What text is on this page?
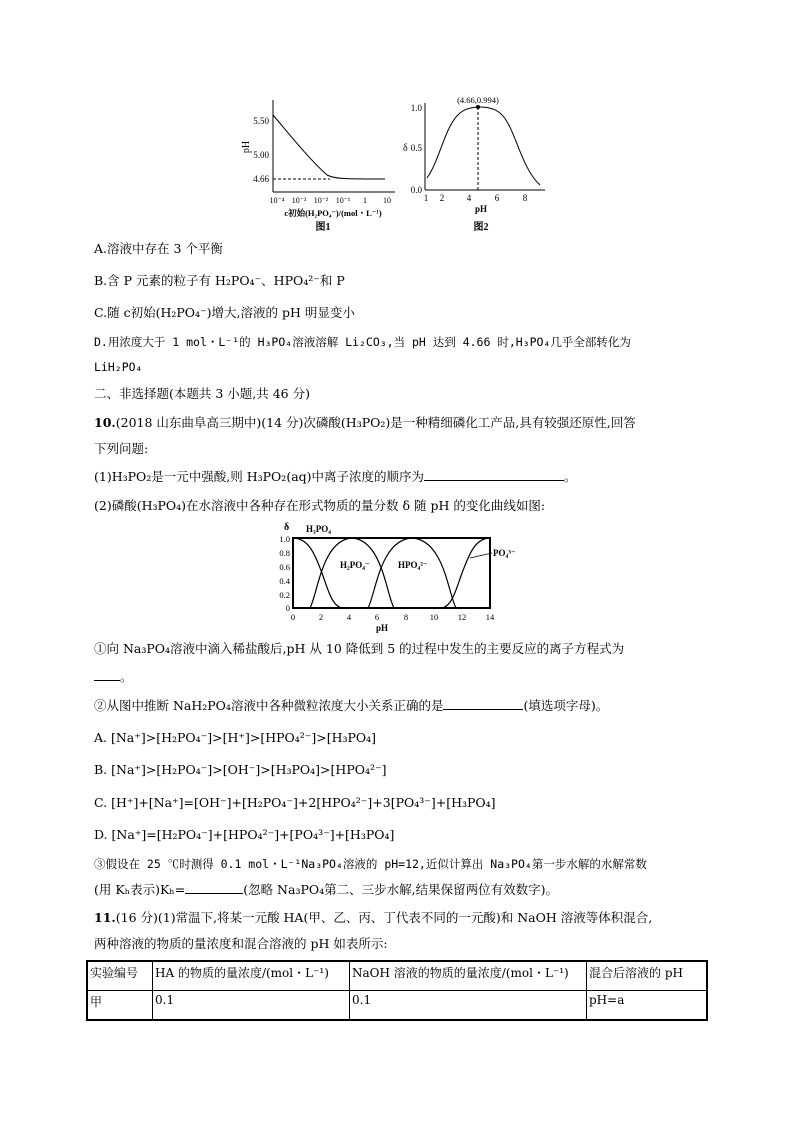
pH
5.50
5.00
4.66
10⁻⁴ 10⁻³ 10⁻² 10⁻¹ 1 10
c初始(H₂PO₄⁻)/(mol・L⁻¹)
图1
δ
1.0
0.5
0.0
(4.66,0.994)
1 2	4	6	8
pH
图2
A.溶液中存在 3 个平衡
B.含 P 元素的粒子有 H₂PO₄⁻、HPO₄²⁻和 P
C.随 c初始(H₂PO₄⁻)增大,溶液的 pH 明显变小
D.用浓度大于 1 mol・L⁻¹的 H₃PO₄溶液溶解 Li₂CO₃,当 pH 达到 4.66 时,H₃PO₄几乎全部转化为
LiH₂PO₄
二、非选择题(本题共 3 小题,共 46 分)
10.(2018 山东曲阜高三期中)(14 分)次磷酸(H₃PO₂)是一种精细磷化工产品,具有较强还原性,回答
下列问题:
(1)H₃PO₂是一元中强酸,则 H₃PO₂(aq)中离子浓度的顺序为	。
(2)磷酸(H₃PO₄)在水溶液中各种存在形式物质的量分数 δ 随 pH 的变化曲线如图:
δ
1.0
0.8
0.6
0.4
0.2
0
H₃PO₄
H₂PO₄⁻	HPO₄²⁻
PO₄³⁻
0	2	4	6	8	10 12 14
pH
①向 Na₃PO₄溶液中滴入稀盐酸后,pH 从 10 降低到 5 的过程中发生的主要反应的离子方程式为
。
②从图中推断 NaH₂PO₄溶液中各种微粒浓度大小关系正确的是	(填选项字母)。
A. [Na⁺]>[H₂PO₄⁻]>[H⁺]>[HPO₄²⁻]>[H₃PO₄]
B. [Na⁺]>[H₂PO₄⁻]>[OH⁻]>[H₃PO₄]>[HPO₄²⁻]
C. [H⁺]+[Na⁺]=[OH⁻]+[H₂PO₄⁻]+2[HPO₄²⁻]+3[PO₄³⁻]+[H₃PO₄]
D. [Na⁺]=[H₂PO₄⁻]+[HPO₄²⁻]+[PO₄³⁻]+[H₃PO₄]
③假设在 25 ℃时测得 0.1 mol・L⁻¹Na₃PO₄溶液的 pH=12,近似计算出 Na₃PO₄第一步水解的水解常数
(用 Kₕ表示)Kₕ=	(忽略 Na₃PO₄第二、三步水解,结果保留两位有效数字)。
11.(16 分)(1)常温下,将某一元酸 HA(甲、乙、丙、丁代表不同的一元酸)和 NaOH 溶液等体积混合,
两种溶液的物质的量浓度和混合溶液的 pH 如表所示:
实验编号	HA 的物质的量浓度/(mol・L⁻¹)	NaOH 溶液的物质的量浓度/(mol・L⁻¹)	混合后溶液的 pH
甲	0.1	0.1	pH=a
